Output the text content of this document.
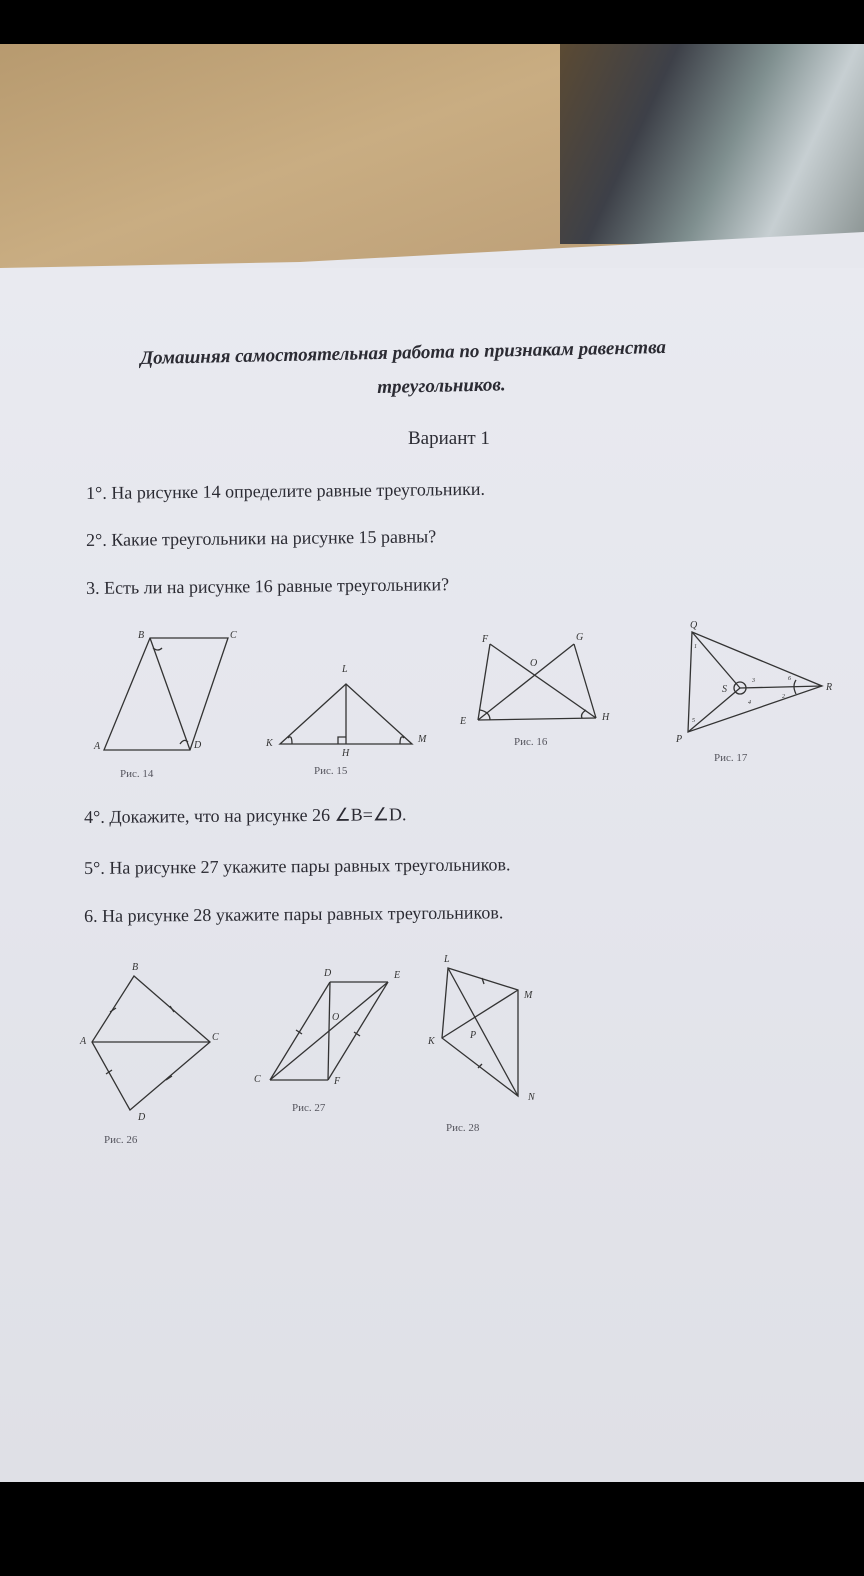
Домашняя самостоятельная работа по признакам равенства
треугольников.
Вариант 1
1°. На рисунке 14 определите равные треугольники.
2°. Какие треугольники на рисунке 15 равны?
3. Есть ли на рисунке 16 равные треугольники?
4°. Докажите, что на рисунке 26 ∠B=∠D.
5°. На рисунке 27 укажите пары равных треугольников.
6. На рисунке 28 укажите пары равных треугольников.
B	C
A	D
Рис. 14
L
K	M
H
Рис. 15
F	G
O
E	H
Рис. 16
Q
S	R
P
1
2
3
4
5
6
Рис. 17
B
A	C
D
Рис. 26
D	E
O
C	F
Рис. 27
L
M
K
P
N
Рис. 28
